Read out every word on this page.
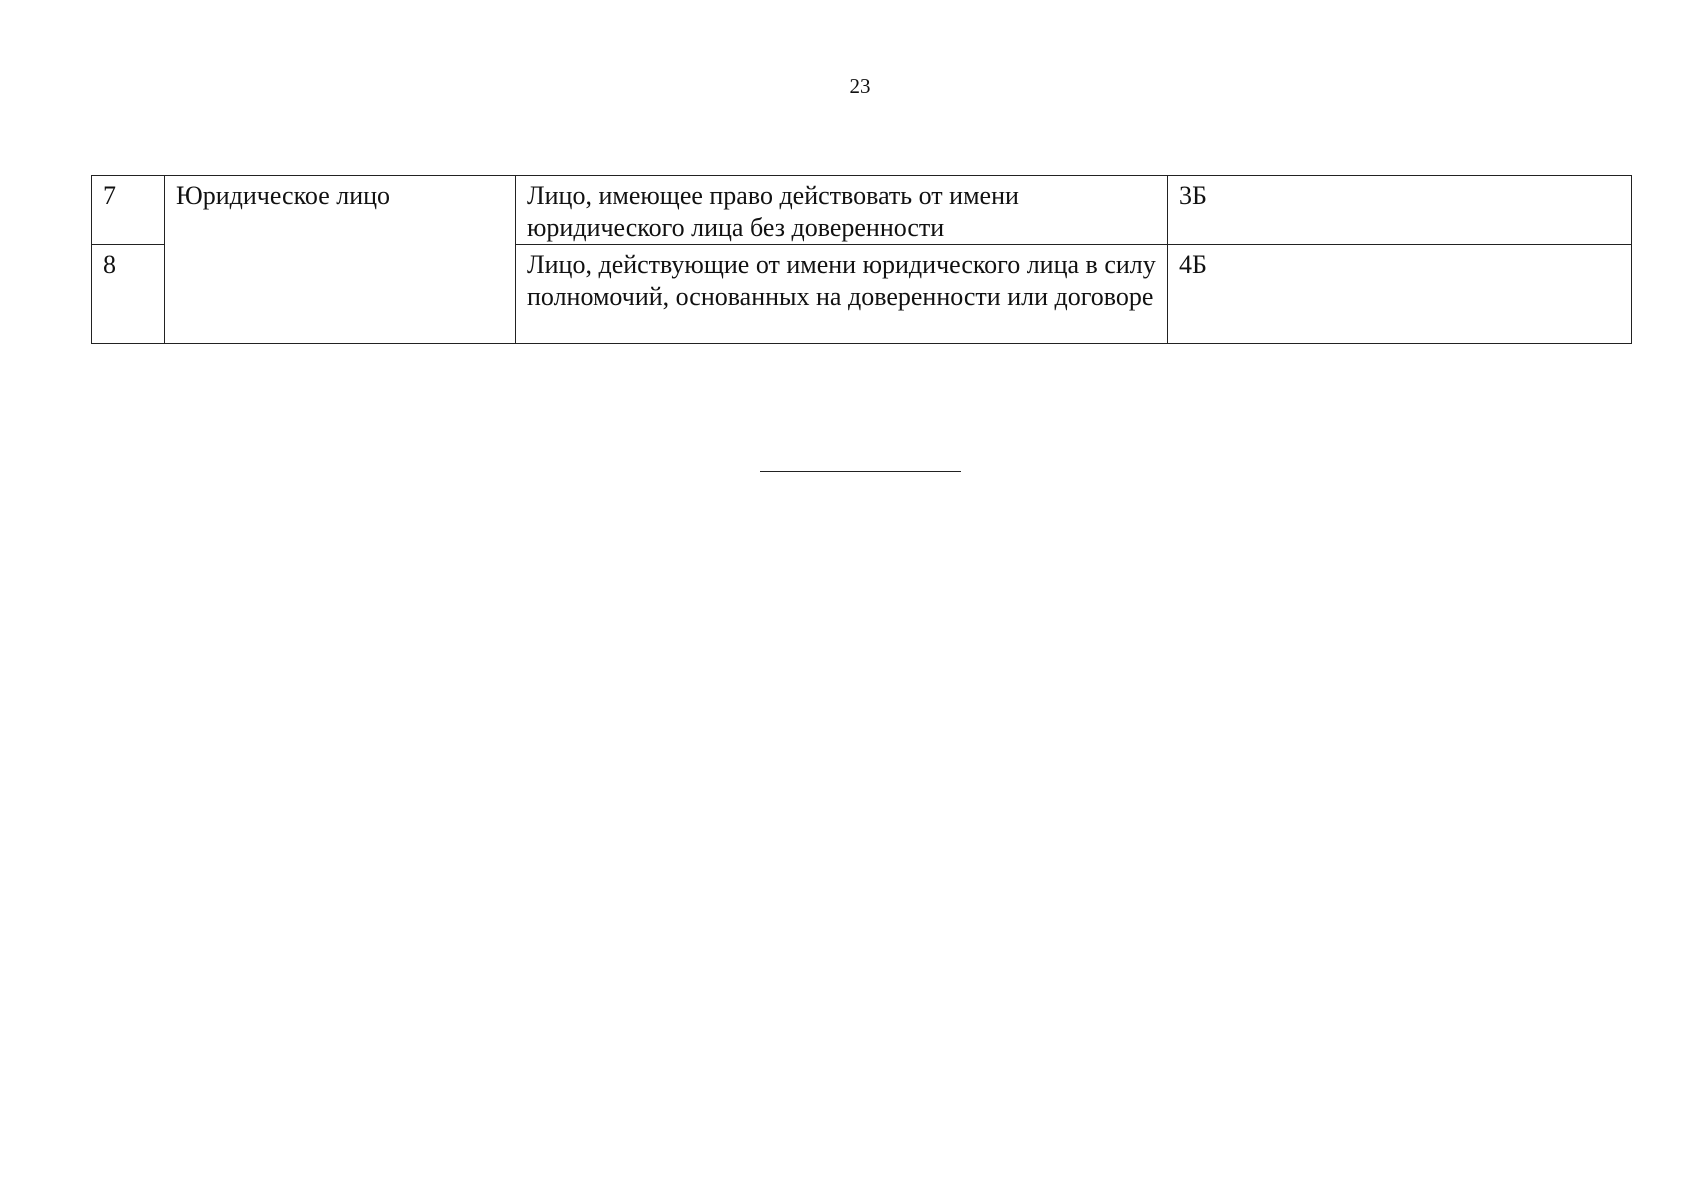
23
7	Юридическое лицо	Лицо, имеющее право действовать от имени юридического лица без доверенности	3Б
8		Лицо, действующие от имени юридического лица в силу полномочий, основанных на доверенности или договоре	4Б
